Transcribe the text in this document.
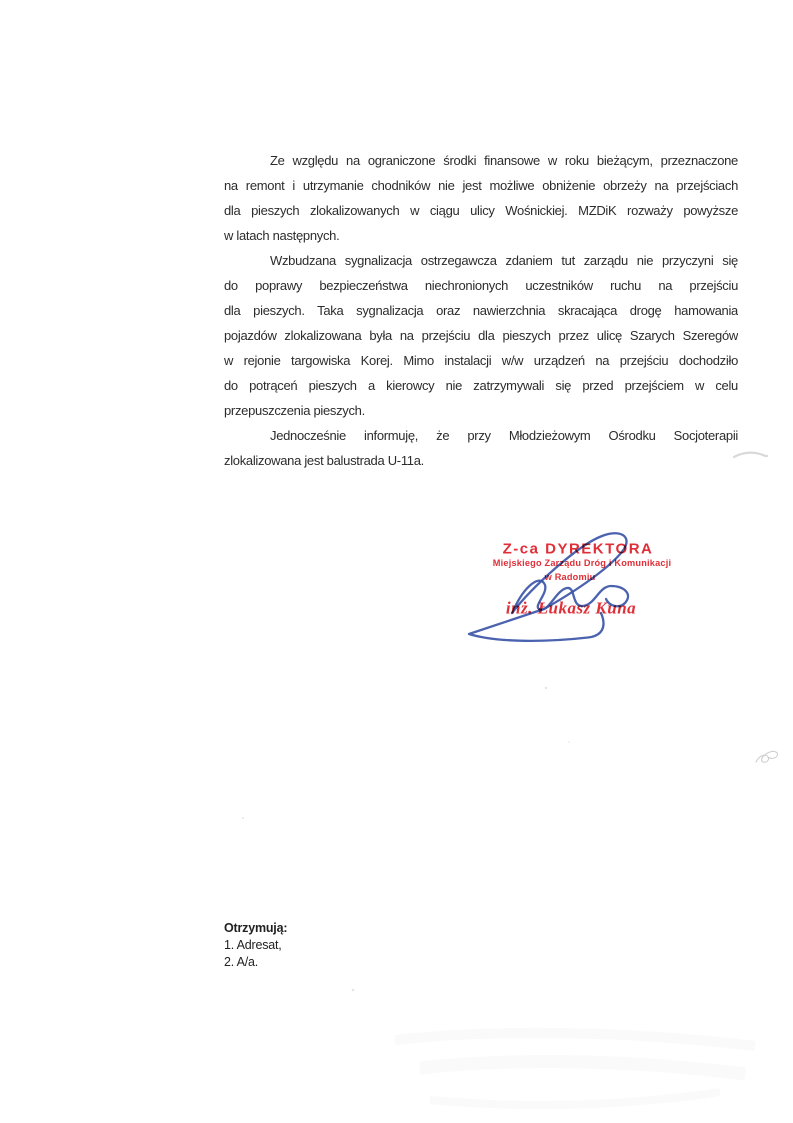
Ze względu na ograniczone środki finansowe w roku bieżącym, przeznaczone
na remont i utrzymanie chodników nie jest możliwe obniżenie obrzeży na przejściach
dla pieszych zlokalizowanych w ciągu ulicy Wośnickiej. MZDiK rozważy powyższe
w latach następnych.
Wzbudzana sygnalizacja ostrzegawcza zdaniem tut zarządu nie przyczyni się
do poprawy bezpieczeństwa niechronionych uczestników ruchu na przejściu
dla pieszych. Taka sygnalizacja oraz nawierzchnia skracająca drogę hamowania
pojazdów zlokalizowana była na przejściu dla pieszych przez ulicę Szarych Szeregów
w rejonie targowiska Korej. Mimo instalacji w/w urządzeń na przejściu dochodziło
do potrąceń pieszych a kierowcy nie zatrzymywali się przed przejściem w celu
przepuszczenia pieszych.
Jednocześnie informuję, że przy Młodzieżowym Ośrodku Socjoterapii
zlokalizowana jest balustrada U-11a.
Z-ca DYREKTORA
Miejskiego Zarządu Dróg i Komunikacji
w Radomiu
inż. Łukasz Kuna
Otrzymują:
1. Adresat,
2. A/a.
